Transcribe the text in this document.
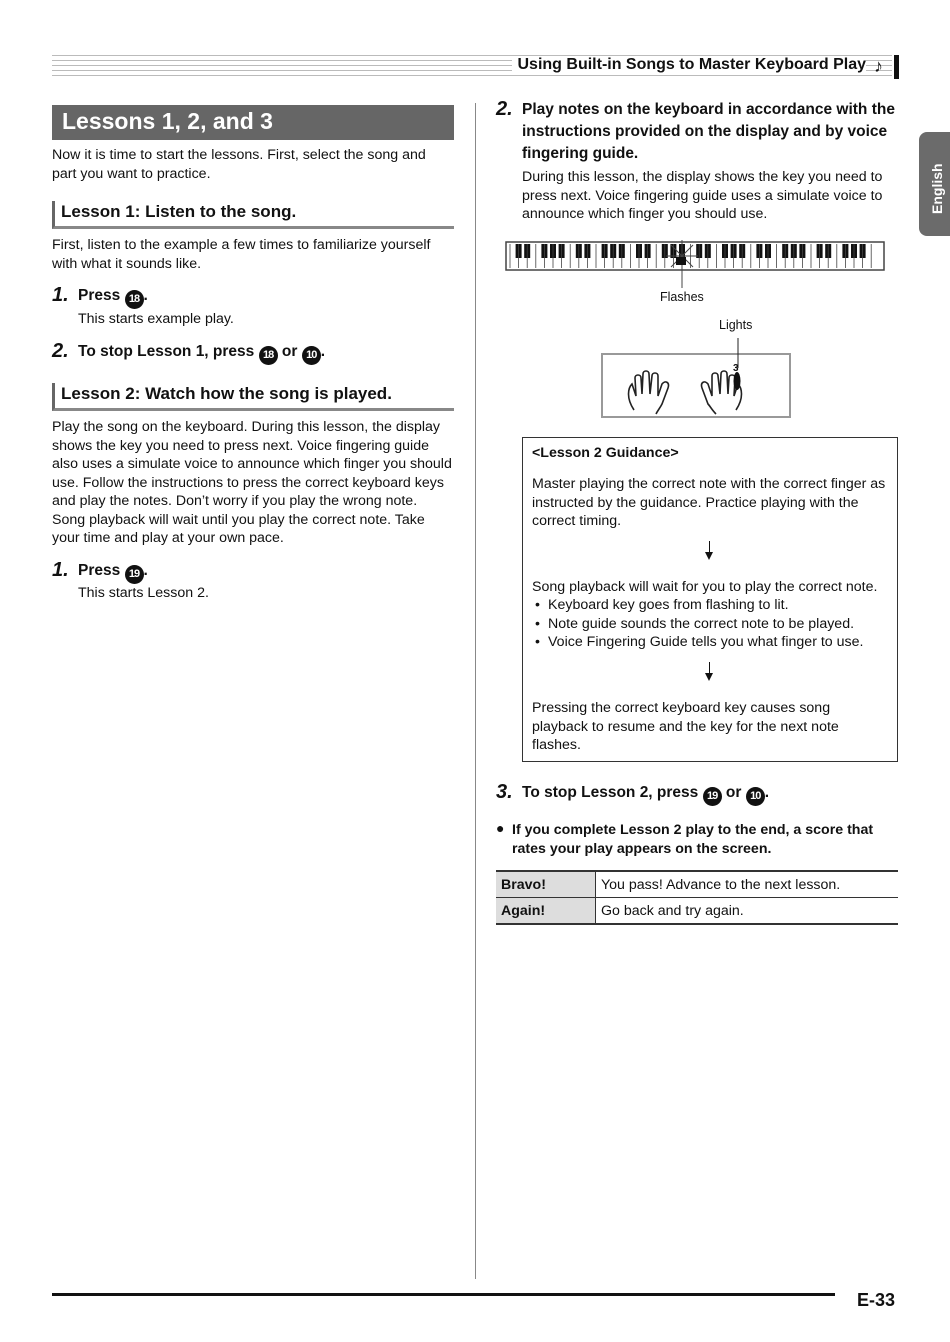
Using Built-in Songs to Master Keyboard Play ♪
English
Lessons 1, 2, and 3

Now it is time to start the lessons. First, select the song and part you want to practice.

Lesson 1: Listen to the song.

First, listen to the example a few times to familiarize yourself with what it sounds like.

1. Press 18 .

This starts example play.

2. To stop Lesson 1, press 18 or 10 .
Lesson 2: Watch how the song is played.

Play the song on the keyboard. During this lesson, the display shows the key you need to press next. Voice fingering guide also uses a simulate voice to announce which finger you should use. Follow the instructions to press the correct keyboard keys and play the notes. Don’t worry if you play the wrong note. Song playback will wait until you play the correct note. Take your time and play at your own pace.

1. Press 19 .

This starts Lesson 2.

2. Play notes on the keyboard in accordance with the instructions provided on the display and by voice fingering guide.

During this lesson, the display shows the key you need to press next. Voice fingering guide uses a simulate voice to announce which finger you should use.

Flashes
Lights
3

<Lesson 2 Guidance>

Master playing the correct note with the correct finger as instructed by the guidance. Practice playing with the correct timing.

Song playback will wait for you to play the correct note.

• Keyboard key goes from flashing to lit.
• Note guide sounds the correct note to be played.
• Voice Fingering Guide tells you what finger to use.

Pressing the correct keyboard key causes song playback to resume and the key for the next note flashes.

3. To stop Lesson 2, press 19 or 10 .
● If you complete Lesson 2 play to the end, a score that rates your play appears on the screen.

Bravo!	You pass! Advance to the next lesson.
Again!	Go back and try again.
E-33
